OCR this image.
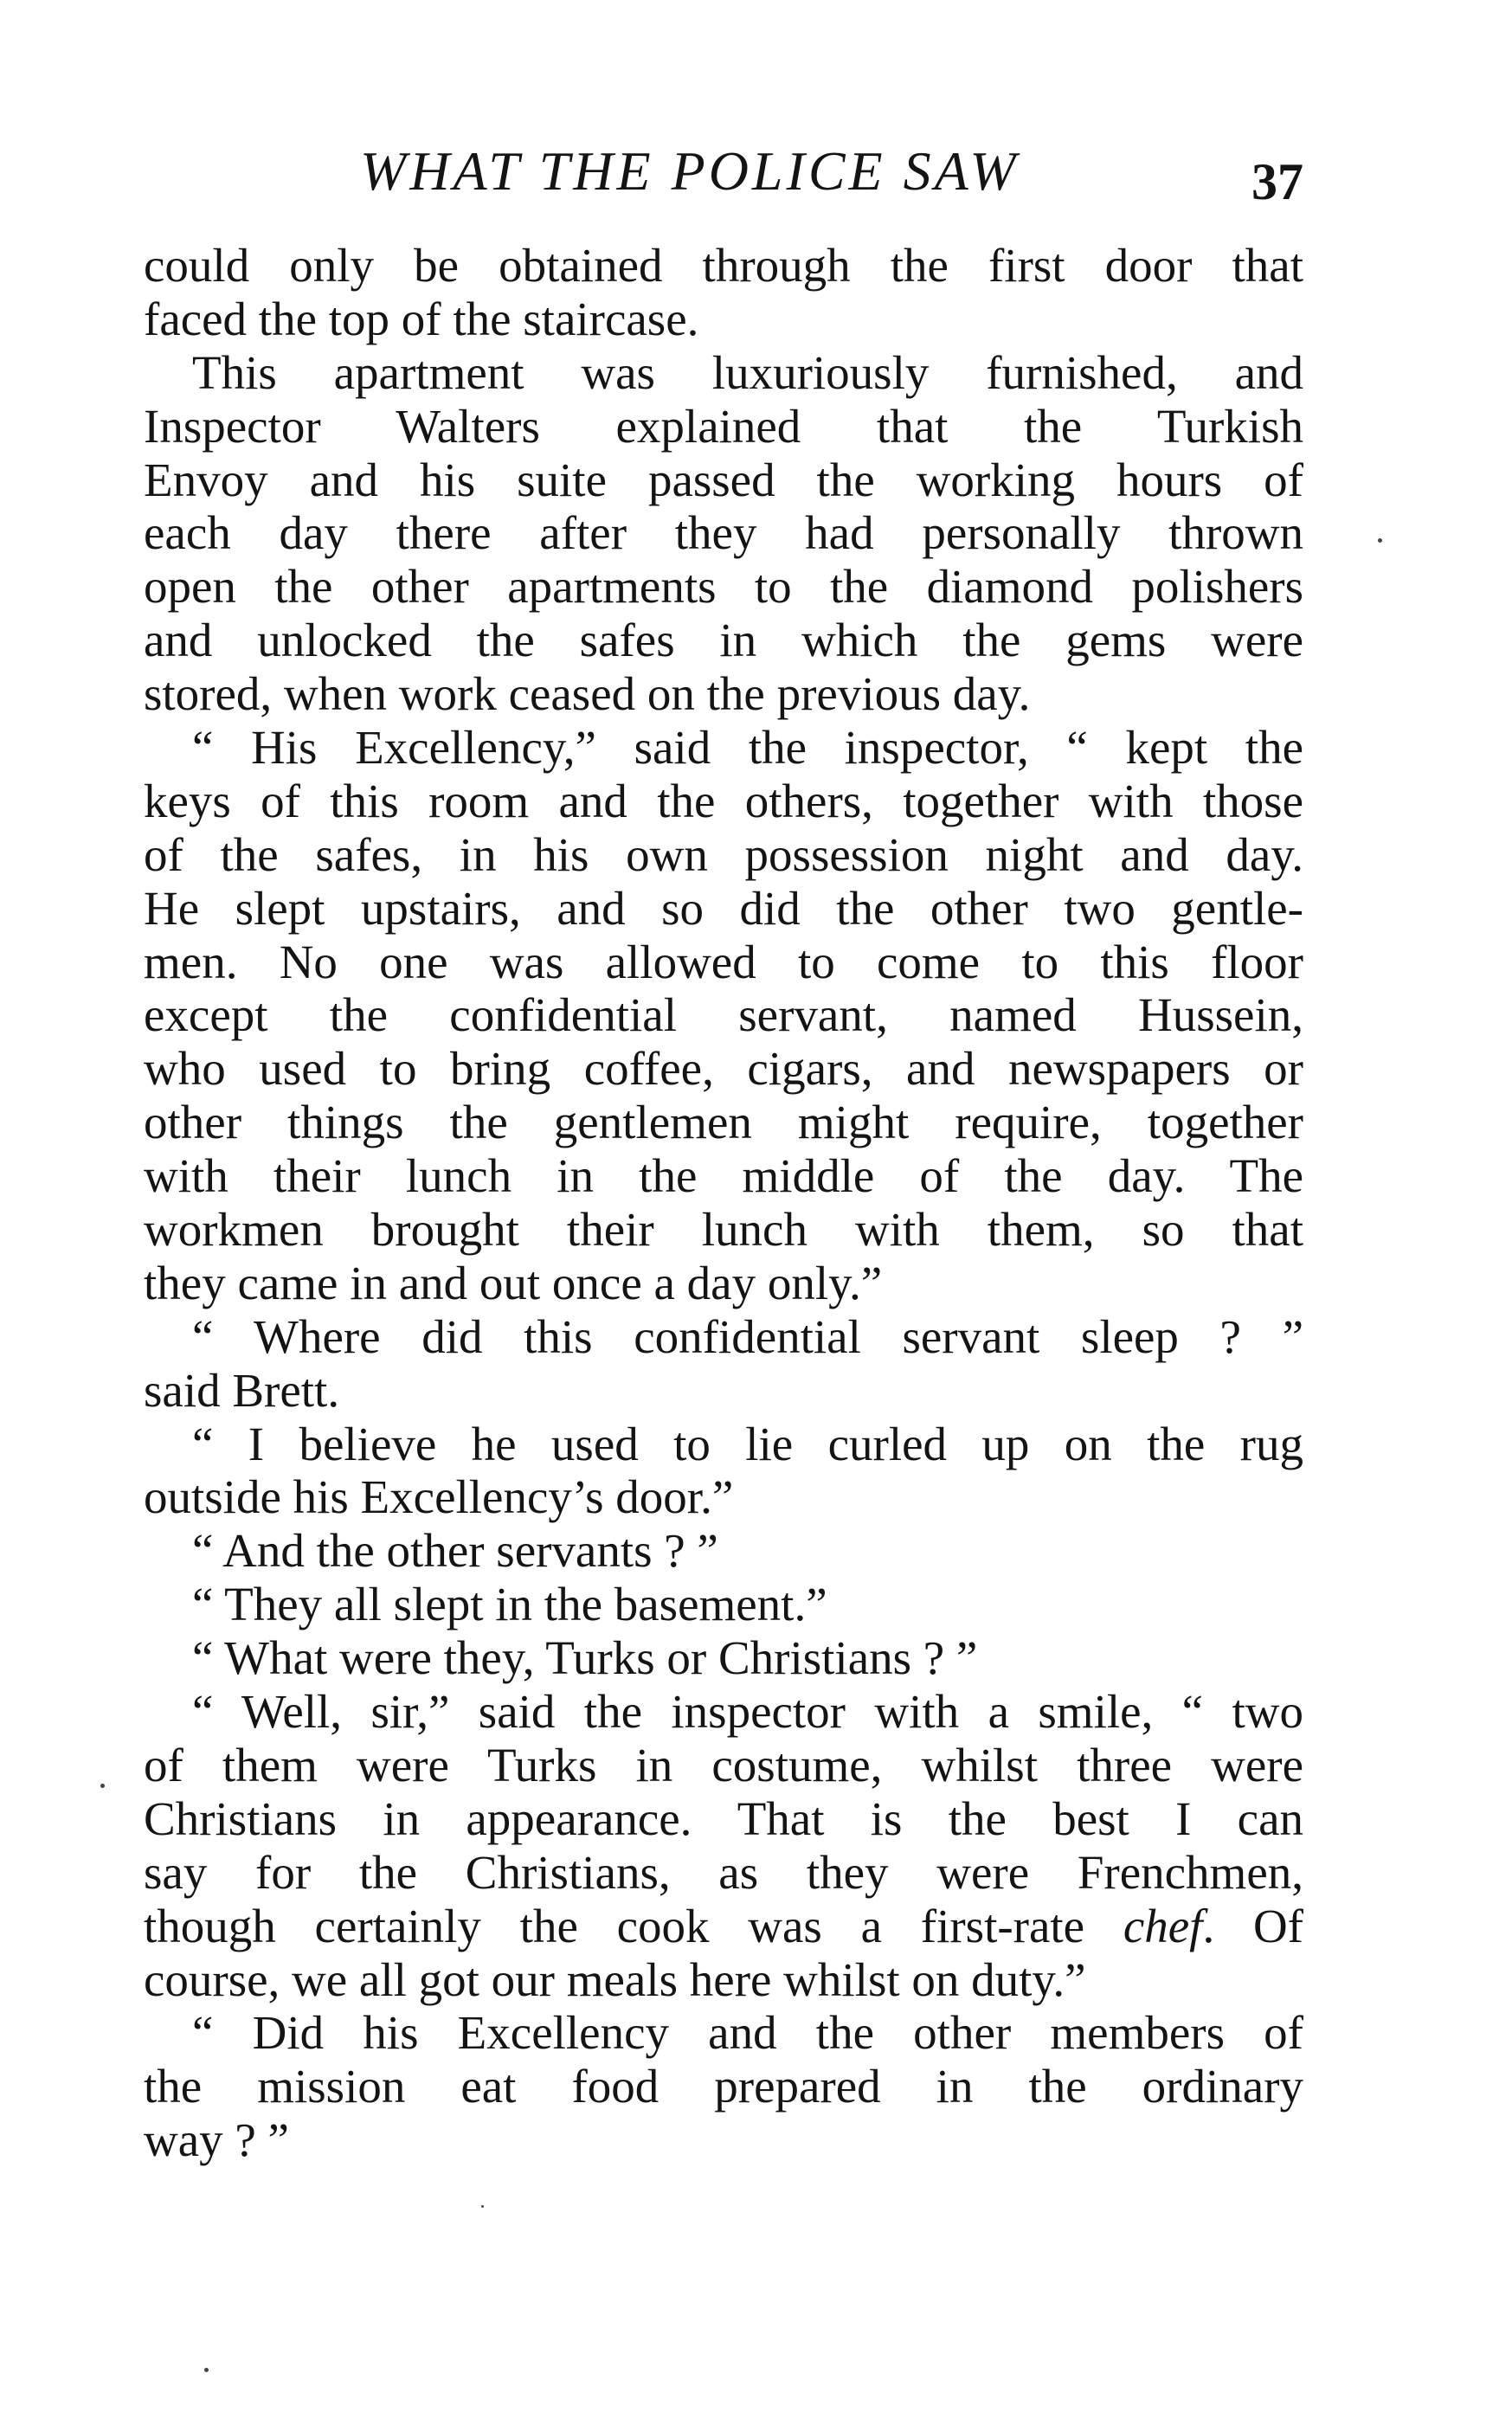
WHAT THE POLICE SAW	37
could only be obtained through the first door that
faced the top of the staircase.
This apartment was luxuriously furnished, and
Inspector Walters explained that the Turkish
Envoy and his suite passed the working hours of
each day there after they had personally thrown
open the other apartments to the diamond polishers
and unlocked the safes in which the gems were
stored, when work ceased on the previous day.
“ His Excellency,” said the inspector, “ kept the
keys of this room and the others, together with those
of the safes, in his own possession night and day.
He slept upstairs, and so did the other two gentle-
men. No one was allowed to come to this floor
except the confidential servant, named Hussein,
who used to bring coffee, cigars, and newspapers or
other things the gentlemen might require, together
with their lunch in the middle of the day. The
workmen brought their lunch with them, so that
they came in and out once a day only.”
“ Where did this confidential servant sleep ? ”
said Brett.
“ I believe he used to lie curled up on the rug
outside his Excellency’s door.”
“ And the other servants ? ”
“ They all slept in the basement.”
“ What were they, Turks or Christians ? ”
“ Well, sir,” said the inspector with a smile, “ two
of them were Turks in costume, whilst three were
Christians in appearance. That is the best I can
say for the Christians, as they were Frenchmen,
though certainly the cook was a first-rate chef. Of
course, we all got our meals here whilst on duty.”
“ Did his Excellency and the other members of
the mission eat food prepared in the ordinary
way ? ”
